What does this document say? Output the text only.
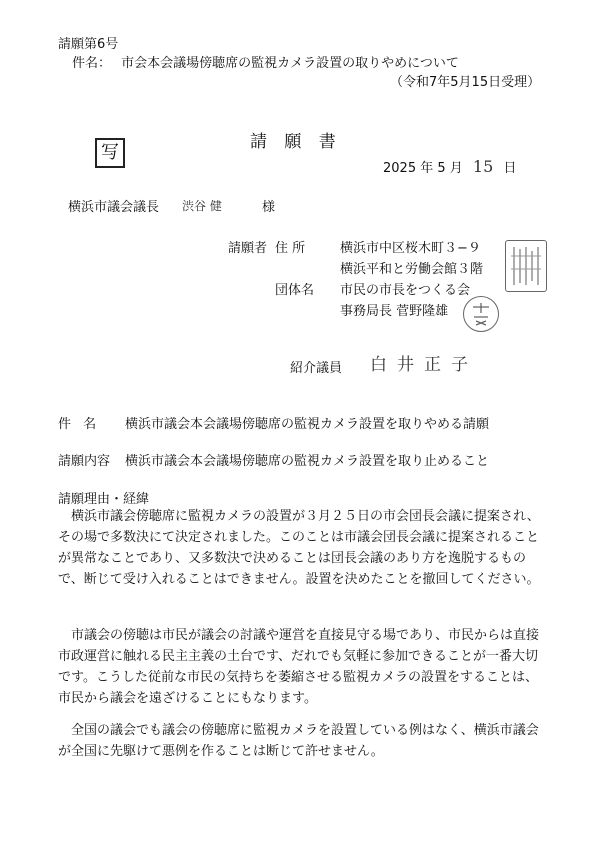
請願第6号
件名： 市会本会議場傍聴席の監視カメラ設置の取りやめについて
（令和7年5月15日受理）
写	請 願 書
2025 年 5 月 15 日
横浜市議会議長 渋谷 健	様
請願者 住 所	横浜市中区桜木町３−９
横浜平和と労働会館３階
団体名 市民の市長をつくる会
事務局長 菅野隆雄
紹介議員 白井正子
件 名 横浜市議会本会議場傍聴席の監視カメラ設置を取りやめる請願
請願内容 横浜市議会本会議場傍聴席の監視カメラ設置を取り止めること
請願理由・経緯

横浜市議会傍聴席に監視カメラの設置が３月２５日の市会団長会議に提案され、その場で多数決にて決定されました。このことは市議会団長会議に提案されることが異常なことであり、又多数決で決めることは団長会議のあり方を逸脱するもので、断じて受け入れることはできません。設置を決めたことを撤回してください。

市議会の傍聴は市民が議会の討議や運営を直接見守る場であり、市民からは直接市政運営に触れる民主主義の土台です、だれでも気軽に参加できることが一番大切です。こうした従前な市民の気持ちを萎縮させる監視カメラの設置をすることは、市民から議会を遠ざけることにもなります。

全国の議会でも議会の傍聴席に監視カメラを設置している例はなく、横浜市議会が全国に先駆けて悪例を作ることは断じて許せません。
